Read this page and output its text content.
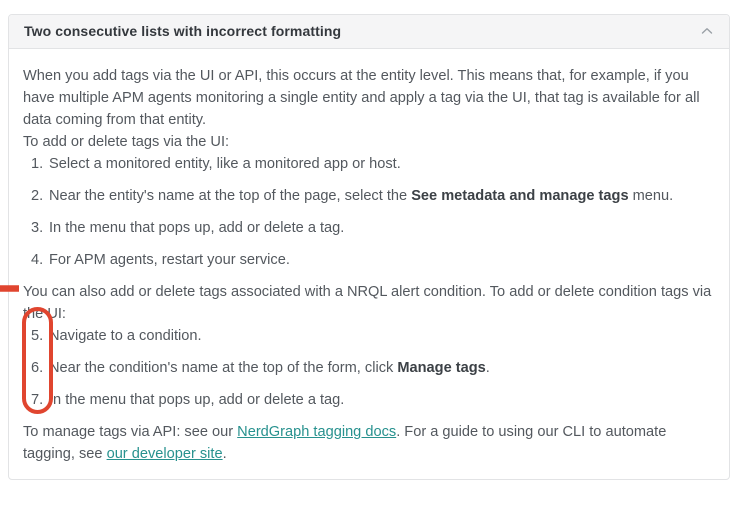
Two consecutive lists with incorrect formatting

When you add tags via the UI or API, this occurs at the entity level. This means that, for example, if you have multiple APM agents monitoring a single entity and apply a tag via the UI, that tag is available for all data coming from that entity.

To add or delete tags via the UI:

1. Select a monitored entity, like a monitored app or host.
2. Near the entity's name at the top of the page, select the See metadata and manage tags menu.
3. In the menu that pops up, add or delete a tag.
4. For APM agents, restart your service.

You can also add or delete tags associated with a NRQL alert condition. To add or delete condition tags via the UI:

5. Navigate to a condition.
6. Near the condition's name at the top of the form, click Manage tags.
7. In the menu that pops up, add or delete a tag.

To manage tags via API: see our NerdGraph tagging docs. For a guide to using our CLI to automate tagging, see our developer site.
